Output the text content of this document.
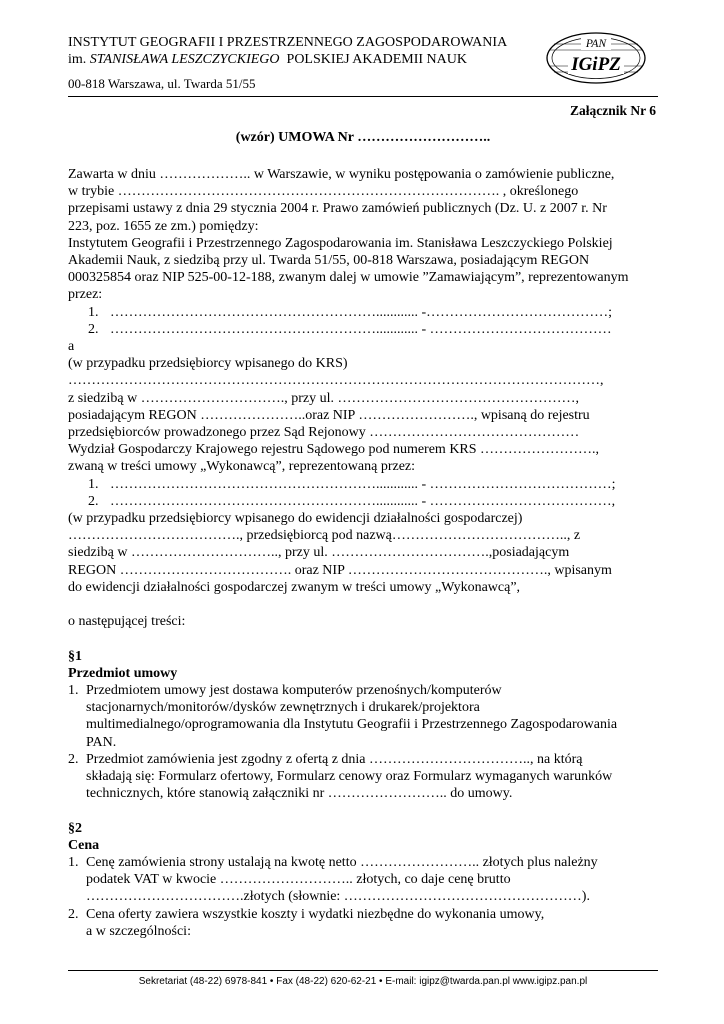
INSTYTUT GEOGRAFII I PRZESTRZENNEGO ZAGOSPODAROWANIA
im. STANISŁAWA LESZCZYCKIEGO  POLSKIEJ AKADEMII NAUK
00-818 Warszawa, ul. Twarda 51/55
PAN
IGiPZ
Załącznik Nr 6
(wzór) UMOWA Nr ………………………..

Zawarta w dniu ……………….. w Warszawie, w wyniku postępowania o zamówienie publiczne,

w trybie ………………………………………………………………………. , określonego

przepisami ustawy z dnia 29 stycznia 2004 r. Prawo zamówień publicznych (Dz. U. z 2007 r. Nr

223, poz. 1655 ze zm.) pomiędzy:

Instytutem Geografii i Przestrzennego Zagospodarowania im. Stanisława Leszczyckiego Polskiej

Akademii Nauk, z siedzibą przy ul. Twarda 51/55, 00-818 Warszawa, posiadającym REGON

000325854 oraz NIP 525-00-12-188, zwanym dalej w umowie ”Zamawiającym”, reprezentowanym

przez:

1. …………………………………………………............ -…………………………………;
2. …………………………………………………............ - …………………………………

a

(w przypadku przedsiębiorcy wpisanego do KRS)

……………………………………………………………………………………………………,

z siedzibą w …………………………., przy ul. ……………………………………………,

posiadającym REGON …………………..oraz NIP ……………………., wpisaną do rejestru

przedsiębiorców prowadzonego przez Sąd Rejonowy ………………………………………

Wydział Gospodarczy Krajowego rejestru Sądowego pod numerem KRS …………………….,

zwaną w treści umowy „Wykonawcą”, reprezentowaną przez:

1. …………………………………………………............ - …………………………………;
2. …………………………………………………............ - …………………………………,

(w przypadku przedsiębiorcy wpisanego do ewidencji działalności gospodarczej)

………………………………., przedsiębiorcą pod nazwą……………………………….., z

siedzibą w ………………………….., przy ul. …………………………….,posiadającym

REGON ………………………………. oraz NIP ……………………………………., wpisanym

do ewidencji działalności gospodarczej zwanym w treści umowy „Wykonawcą”,

o następującej treści:

§1

Przedmiot umowy

1. Przedmiotem umowy jest dostawa komputerów przenośnych/komputerów

stacjonarnych/monitorów/dysków zewnętrznych i drukarek/projektora

multimedialnego/oprogramowania dla Instytutu Geografii i Przestrzennego Zagospodarowania

PAN.

2. Przedmiot zamówienia jest zgodny z ofertą z dnia …………………………….., na którą

składają się: Formularz ofertowy, Formularz cenowy oraz Formularz wymaganych warunków

technicznych, które stanowią załączniki nr …………………….. do umowy.

§2

Cena

1. Cenę zamówienia strony ustalają na kwotę netto …………………….. złotych plus należny

podatek VAT w kwocie ……………………….. złotych, co daje cenę brutto

…………………………….złotych (słownie: ……………………………………………).

2. Cena oferty zawiera wszystkie koszty i wydatki niezbędne do wykonania umowy,

a w szczególności:

Sekretariat (48-22) 6978-841 • Fax (48-22) 620-62-21 • E-mail: igipz@twarda.pan.pl www.igipz.pan.pl
